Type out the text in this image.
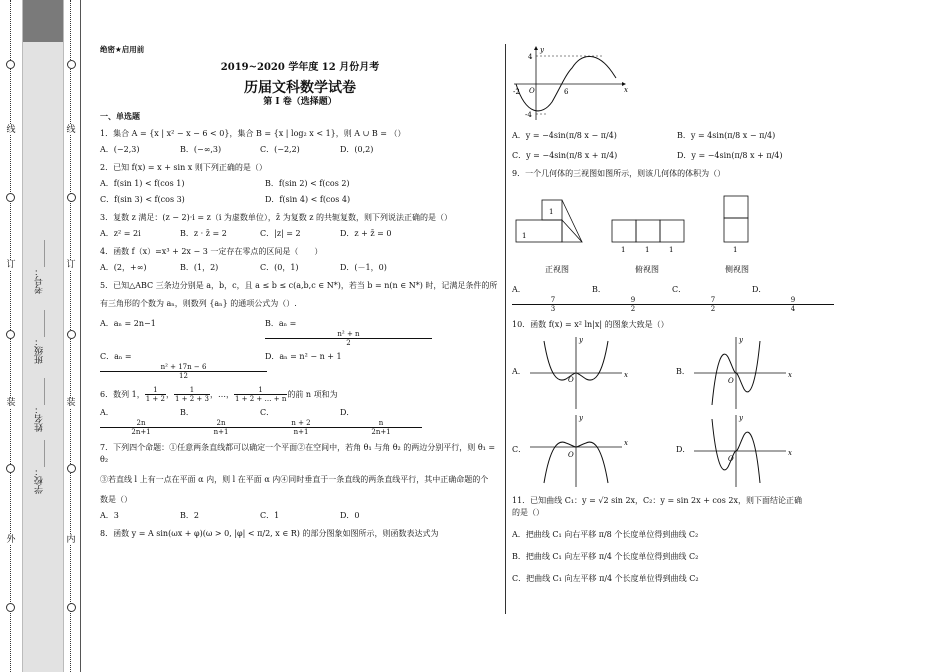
线
订
装
外
学校：______
姓名：______
班级：______
考号：______
线
订
装
内
绝密★启用前
2019~2020 学年度 12 月份月考
历届文科数学试卷
第 I 卷（选择题）
一、单选题
1．集合 A = {x | x² − x − 6 < 0}，集合 B = {x | log₂ x < 1}，则 A ∪ B = （）
A．(−2,3)	B．(−∞,3)	C．(−2,2)	D．(0,2)
2．已知 f(x) = x + sin x 则下列正确的是（）
A．f(sin 1) < f(cos 1)	B．f(sin 2) < f(cos 2)
C．f(sin 3) < f(cos 3)	D．f(sin 4) < f(cos 4)
3．复数 z 满足：(z − 2)·i = z（i 为虚数单位），z̄ 为复数 z 的共轭复数，则下列说法正确的是（）
A．z² = 2i	B．z · z̄ = 2	C．|z| = 2	D．z + z̄ = 0
4．函数 f（x）=x³ + 2x − 3 一定存在零点的区间是（　　）
A．(2，+∞)	B．(1，2)	C．(0，1)	D．(－1，0)
5．已知△ABC 三条边分别是 a，b，c，且 a ≤ b ≤ c(a,b,c ∈ N*)，若当 b = n(n ∈ N*) 时，记满足条件的所
有三角形的个数为 aₙ，则数列 {aₙ} 的通项公式为（）.
A．aₙ = 2n−1	B．aₙ =
$\frac{\text{n² + n}}{2}$
C．aₙ =
$\frac{\text{n² + 17n − 6}}{12}$
D．aₙ = n² − n + 1
6．数列 1， $\frac{1}{1 + 2}$ ， $\frac{1}{1 + 2 + 3}$ ，…， $\frac{1}{1 + 2 + \dots + n}$ 的前 n 项和为
A．
$\frac{2n}{2n+1}$
B．
$\frac{2n}{n+1}$
C．
$\frac{n + 2}{n+1}$
D．
$\frac{n}{2n+1}$
7．下列四个命题：①任意两条直线都可以确定一个平面②在空间中，若角 θ₁ 与角 θ₂ 的两边分别平行，则 θ₁ = θ₂
③若直线 l 上有一点在平面 α 内，则 l 在平面 α 内④同时垂直于一条直线的两条直线平行，其中正确命题的个
数是（）
A．3	B．2	C．1	D．0
8．函数 y = A sin(ωx + φ)(ω > 0, |φ| < π/2, x ∈ R) 的部分图象如图所示，则函数表达式为
4
-4
-2	6
O	x
y
A．y = −4sin(π/8 x − π/4)	B．y = 4sin(π/8 x − π/4)
C．y = −4sin(π/8 x + π/4)	D．y = −4sin(π/8 x + π/4)
9．一个几何体的三视图如图所示，则该几何体的体积为（）
1
1
1	1	1	1
正视图	俯视图	侧视图
A．
$\frac{7}{3}$
B．
$\frac{9}{2}$
C．
$\frac{7}{2}$
D．
$\frac{9}{4}$
10．函数 f(x) = x² ln|x| 的图象大致是（）
A．	x
y
O
B．	x
y
O
C．
x
y
O
D．	x
y
O
11．已知曲线 C₁：y = √2 sin 2x，C₂：y = sin 2x + cos 2x，则下面结论正确的是（）
A．把曲线 C₁ 向右平移 π/8 个长度单位得到曲线 C₂
B．把曲线 C₁ 向左平移 π/4 个长度单位得到曲线 C₂
C．把曲线 C₁ 向左平移 π/4 个长度单位得到曲线 C₂
